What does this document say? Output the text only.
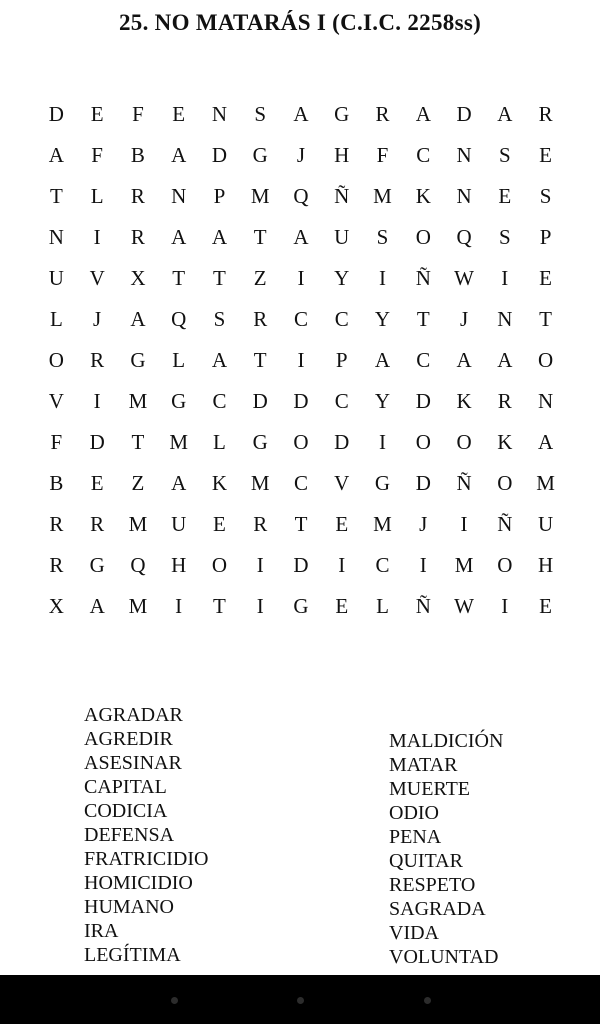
25. NO MATARÁS I (C.I.C. 2258ss)
D	E	F	E	N	S	A	G	R	A	D	A	R
A	F	B	A	D	G	J	H	F	C	N	S	E
T	L	R	N	P	M	Q	Ñ	M	K	N	E	S
N	I	R	A	A	T	A	U	S	O	Q	S	P
U	V	X	T	T	Z	I	Y	I	Ñ	W	I	E
L	J	A	Q	S	R	C	C	Y	T	J	N	T
O	R	G	L	A	T	I	P	A	C	A	A	O
V	I	M	G	C	D	D	C	Y	D	K	R	N
F	D	T	M	L	G	O	D	I	O	O	K	A
B	E	Z	A	K	M	C	V	G	D	Ñ	O	M
R	R	M	U	E	R	T	E	M	J	I	Ñ	U
R	G	Q	H	O	I	D	I	C	I	M	O	H
X	A	M	I	T	I	G	E	L	Ñ	W	I	E
AGRADAR
AGREDIR
ASESINAR
CAPITAL
CODICIA
DEFENSA
FRATRICIDIO
HOMICIDIO
HUMANO
IRA
LEGÍTIMA
MALDICIÓN
MATAR
MUERTE
ODIO
PENA
QUITAR
RESPETO
SAGRADA
VIDA
VOLUNTAD
